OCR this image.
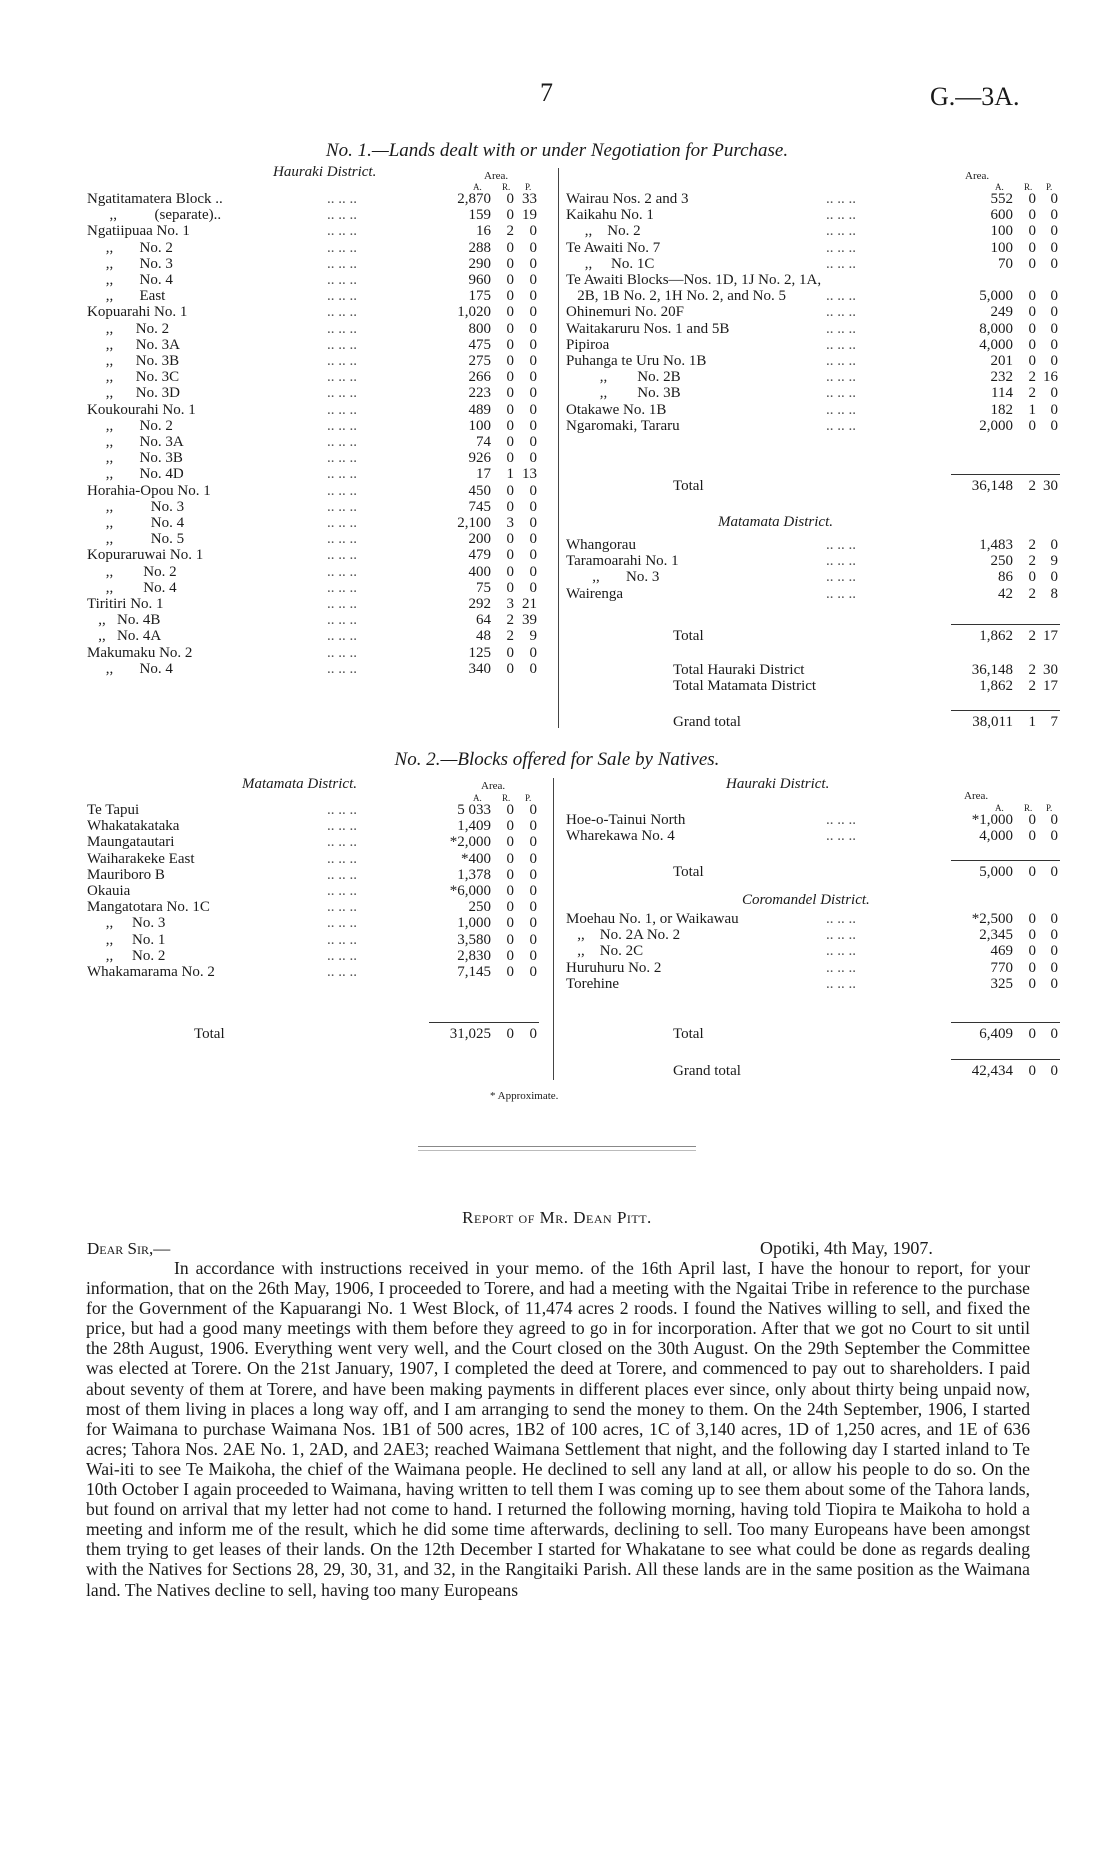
7	G.—3A.
No. 1.—Lands dealt with or under Negotiation for Purchase.
Hauraki District.	Area.	Area.
A. R. P.
Ngatitamatera Block ..	.. .. ..	2,870	0 33
,,          (separate)..	.. .. ..	159	0 19
Ngatiipuaa No. 1	.. .. ..	16	2	0
,,       No. 2	.. .. ..	288	0	0
,,       No. 3	.. .. ..	290	0	0
,,       No. 4	.. .. ..	960	0	0
,,       East	.. .. ..	175	0	0
Kopuarahi No. 1	.. .. ..	1,020	0	0
,,      No. 2	.. .. ..	800	0	0
,,      No. 3A	.. .. ..	475	0	0
,,      No. 3B	.. .. ..	275	0	0
,,      No. 3C	.. .. ..	266	0	0
,,      No. 3D	.. .. ..	223	0	0
Koukourahi No. 1	.. .. ..	489	0	0
,,       No. 2	.. .. ..	100	0	0
,,       No. 3A	.. .. ..	74	0	0
,,       No. 3B	.. .. ..	926	0	0
,,       No. 4D	.. .. ..	17	1 13
Horahia-Opou No. 1	.. .. ..	450	0	0
,,          No. 3	.. .. ..	745	0	0
,,          No. 4	.. .. ..	2,100	3	0
,,          No. 5	.. .. ..	200	0	0
Kopuraruwai No. 1	.. .. ..	479	0	0
,,        No. 2	.. .. ..	400	0	0
,,        No. 4	.. .. ..	75	0	0
Tiritiri No. 1	.. .. ..	292	3 21
,,   No. 4B	.. .. ..	64	2 39
,,   No. 4A	.. .. ..	48	2	9
Makumaku No. 2	.. .. ..	125	0	0
,,       No. 4	.. .. ..	340	0	0
A. R. P.
Wairau Nos. 2 and 3	.. .. ..	552	0 0
Kaikahu No. 1	.. .. ..	600	0 0
,,    No. 2	.. .. ..	100	0 0
Te Awaiti No. 7	.. .. ..	100	0 0
,,     No. 1C	.. .. ..	70	0 0
Te Awaiti Blocks—Nos. 1D, 1J No. 2, 1A,
2B, 1B No. 2, 1H No. 2, and No. 5	.. .. ..	5,000	0 0
Ohinemuri No. 20F	.. .. ..	249	0 0
Waitakaruru Nos. 1 and 5B	.. .. ..	8,000	0 0
Pipiroa	.. .. ..	4,000	0 0
Puhanga te Uru No. 1B	.. .. ..	201	0 0
,,        No. 2B	.. .. ..	232	2 16
,,        No. 3B	.. .. ..	114	2 0
Otakawe No. 1B	.. .. ..	182	1 0
Ngaromaki, Tararu	.. .. ..	2,000	0 0
Total	36,148	2 30
Matamata District.
Whangorau	.. .. ..	1,483	2 0
Taramoarahi No. 1	.. .. ..	250	2 9
,,       No. 3	.. .. ..	86	0 0
Wairenga	.. .. ..	42	2 8
Total	1,862	2 17
Total Hauraki District	36,148	2 30
Total Matamata District	1,862	2 17
Grand total	38,011	1 7
No. 2.—Blocks offered for Sale by Natives.
Matamata District.	Hauraki District.
Area.
Area.
A. R. P.
Te Tapui	.. .. ..	5 033	0	0
Whakatakataka	.. .. ..	1,409	0	0
Maungatautari	.. .. ..	*2,000	0	0
Waiharakeke East	.. .. ..	*400	0	0
Mauriboro B	.. .. ..	1,378	0	0
Okauia	.. .. ..	*6,000	0	0
Mangatotara No. 1C	.. .. ..	250	0	0
,,     No. 3	.. .. ..	1,000	0	0
,,     No. 1	.. .. ..	3,580	0	0
,,     No. 2	.. .. ..	2,830	0	0
Whakamarama No. 2	.. .. ..	7,145	0	0
Total	31,025	0	0
A. R. P.
Hoe-o-Tainui North	.. .. ..	*1,000	0 0
Wharekawa No. 4	.. .. ..	4,000	0 0
Total	5,000	0 0
Coromandel District.
Moehau No. 1, or Waikawau	.. .. ..	*2,500	0 0
,,    No. 2A No. 2	.. .. ..	2,345	0 0
,,    No. 2C	.. .. ..	469	0 0
Huruhuru No. 2	.. .. ..	770	0 0
Torehine	.. .. ..	325	0 0
Total	6,409	0 0
Grand total	42,434	0 0
* Approximate.
Report of Mr. Dean Pitt.
Dear Sir,—	Opotiki, 4th May, 1907.
In accordance with instructions received in your memo. of the 16th April last, I have the honour to report, for your information, that on the 26th May, 1906, I proceeded to Torere, and had a meeting with the Ngaitai Tribe in reference to the purchase for the Government of the Kapuarangi No. 1 West Block, of 11,474 acres 2 roods. I found the Natives willing to sell, and fixed the price, but had a good many meetings with them before they agreed to go in for incorporation. After that we got no Court to sit until the 28th August, 1906. Everything went very well, and the Court closed on the 30th August. On the 29th September the Committee was elected at Torere. On the 21st January, 1907, I completed the deed at Torere, and commenced to pay out to shareholders. I paid about seventy of them at Torere, and have been making payments in different places ever since, only about thirty being unpaid now, most of them living in places a long way off, and I am arranging to send the money to them. On the 24th September, 1906, I started for Waimana to purchase Waimana Nos. 1B1 of 500 acres, 1B2 of 100 acres, 1C of 3,140 acres, 1D of 1,250 acres, and 1E of 636 acres; Tahora Nos. 2AE No. 1, 2AD, and 2AE3; reached Waimana Settlement that night, and the following day I started inland to Te Wai-iti to see Te Maikoha, the chief of the Waimana people. He declined to sell any land at all, or allow his people to do so. On the 10th October I again proceeded to Waimana, having written to tell them I was coming up to see them about some of the Tahora lands, but found on arrival that my letter had not come to hand. I returned the following morning, having told Tiopira te Maikoha to hold a meeting and inform me of the result, which he did some time afterwards, declining to sell. Too many Europeans have been amongst them trying to get leases of their lands. On the 12th December I started for Whakatane to see what could be done as regards dealing with the Natives for Sections 28, 29, 30, 31, and 32, in the Rangitaiki Parish. All these lands are in the same position as the Waimana land. The Natives decline to sell, having too many Europeans
